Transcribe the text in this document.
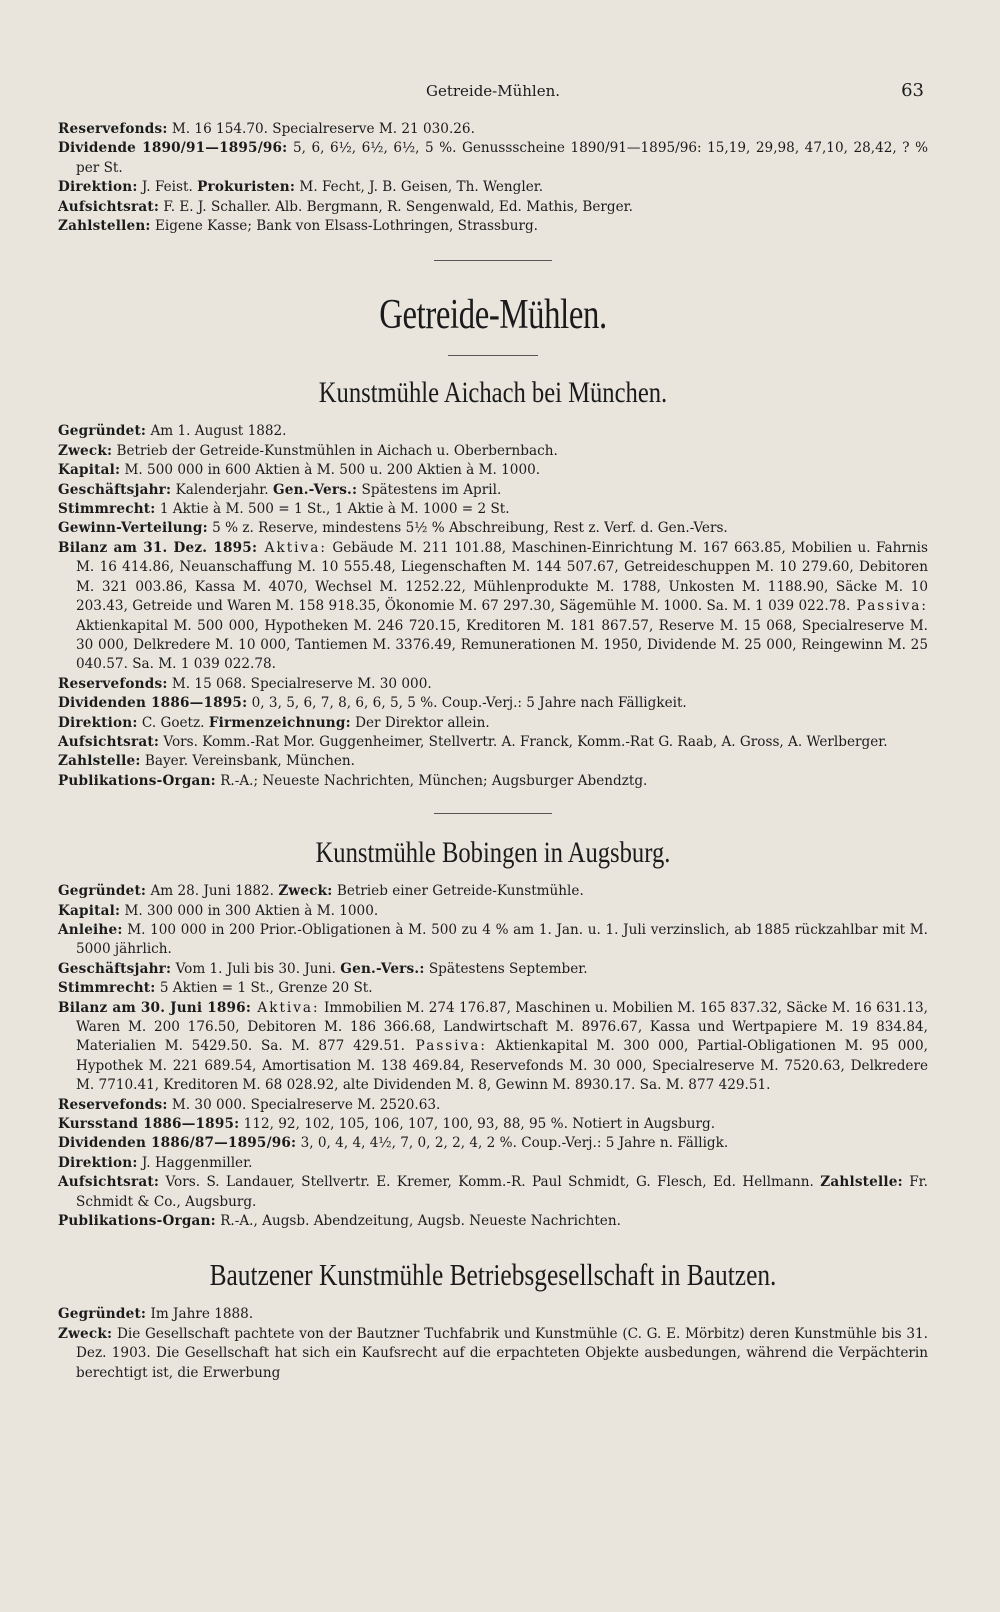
Getreide-Mühlen.	63

Reservefonds: M. 16 154.70. Specialreserve M. 21 030.26.

Dividende 1890/91—1895/96: 5, 6, 6½, 6½, 6½, 5 %. Genussscheine 1890/91—1895/96: 15,19, 29,98, 47,10, 28,42, ? % per St.

Direktion: J. Feist. Prokuristen: M. Fecht, J. B. Geisen, Th. Wengler.

Aufsichtsrat: F. E. J. Schaller. Alb. Bergmann, R. Sengenwald, Ed. Mathis, Berger.

Zahlstellen: Eigene Kasse; Bank von Elsass-Lothringen, Strassburg.

Getreide-Mühlen.
Kunstmühle Aichach bei München.

Gegründet: Am 1. August 1882.

Zweck: Betrieb der Getreide-Kunstmühlen in Aichach u. Oberbernbach.

Kapital: M. 500 000 in 600 Aktien à M. 500 u. 200 Aktien à M. 1000.

Geschäftsjahr: Kalenderjahr. Gen.-Vers.: Spätestens im April.

Stimmrecht: 1 Aktie à M. 500 = 1 St., 1 Aktie à M. 1000 = 2 St.

Gewinn-Verteilung: 5 % z. Reserve, mindestens 5½ % Abschreibung, Rest z. Verf. d. Gen.-Vers.

Bilanz am 31. Dez. 1895: Aktiva: Gebäude M. 211 101.88, Maschinen-Einrichtung M. 167 663.85, Mobilien u. Fahrnis M. 16 414.86, Neuanschaffung M. 10 555.48, Liegenschaften M. 144 507.67, Getreideschuppen M. 10 279.60, Debitoren M. 321 003.86, Kassa M. 4070, Wechsel M. 1252.22, Mühlenprodukte M. 1788, Unkosten M. 1188.90, Säcke M. 10 203.43, Getreide und Waren M. 158 918.35, Ökonomie M. 67 297.30, Sägemühle M. 1000. Sa. M. 1 039 022.78. Passiva: Aktienkapital M. 500 000, Hypotheken M. 246 720.15, Kreditoren M. 181 867.57, Reserve M. 15 068, Specialreserve M. 30 000, Delkredere M. 10 000, Tantiemen M. 3376.49, Remunerationen M. 1950, Dividende M. 25 000, Reingewinn M. 25 040.57. Sa. M. 1 039 022.78.

Reservefonds: M. 15 068. Specialreserve M. 30 000.

Dividenden 1886—1895: 0, 3, 5, 6, 7, 8, 6, 6, 5, 5 %. Coup.-Verj.: 5 Jahre nach Fälligkeit.

Direktion: C. Goetz. Firmenzeichnung: Der Direktor allein.

Aufsichtsrat: Vors. Komm.-Rat Mor. Guggenheimer, Stellvertr. A. Franck, Komm.-Rat G. Raab, A. Gross, A. Werlberger.

Zahlstelle: Bayer. Vereinsbank, München.

Publikations-Organ: R.-A.; Neueste Nachrichten, München; Augsburger Abendztg.

Kunstmühle Bobingen in Augsburg.

Gegründet: Am 28. Juni 1882. Zweck: Betrieb einer Getreide-Kunstmühle.

Kapital: M. 300 000 in 300 Aktien à M. 1000.

Anleihe: M. 100 000 in 200 Prior.-Obligationen à M. 500 zu 4 % am 1. Jan. u. 1. Juli verzinslich, ab 1885 rückzahlbar mit M. 5000 jährlich.

Geschäftsjahr: Vom 1. Juli bis 30. Juni. Gen.-Vers.: Spätestens September.

Stimmrecht: 5 Aktien = 1 St., Grenze 20 St.

Bilanz am 30. Juni 1896: Aktiva: Immobilien M. 274 176.87, Maschinen u. Mobilien M. 165 837.32, Säcke M. 16 631.13, Waren M. 200 176.50, Debitoren M. 186 366.68, Landwirtschaft M. 8976.67, Kassa und Wertpapiere M. 19 834.84, Materialien M. 5429.50. Sa. M. 877 429.51. Passiva: Aktienkapital M. 300 000, Partial-Obligationen M. 95 000, Hypothek M. 221 689.54, Amortisation M. 138 469.84, Reservefonds M. 30 000, Specialreserve M. 7520.63, Delkredere M. 7710.41, Kreditoren M. 68 028.92, alte Dividenden M. 8, Gewinn M. 8930.17. Sa. M. 877 429.51.

Reservefonds: M. 30 000. Specialreserve M. 2520.63.

Kursstand 1886—1895: 112, 92, 102, 105, 106, 107, 100, 93, 88, 95 %. Notiert in Augsburg.

Dividenden 1886/87—1895/96: 3, 0, 4, 4, 4½, 7, 0, 2, 2, 4, 2 %. Coup.-Verj.: 5 Jahre n. Fälligk.

Direktion: J. Haggenmiller.

Aufsichtsrat: Vors. S. Landauer, Stellvertr. E. Kremer, Komm.-R. Paul Schmidt, G. Flesch, Ed. Hellmann. Zahlstelle: Fr. Schmidt & Co., Augsburg.

Publikations-Organ: R.-A., Augsb. Abendzeitung, Augsb. Neueste Nachrichten.

Bautzener Kunstmühle Betriebsgesellschaft in Bautzen.

Gegründet: Im Jahre 1888.

Zweck: Die Gesellschaft pachtete von der Bautzner Tuchfabrik und Kunstmühle (C. G. E. Mörbitz) deren Kunstmühle bis 31. Dez. 1903. Die Gesellschaft hat sich ein Kaufsrecht auf die erpachteten Objekte ausbedungen, während die Verpächterin berechtigt ist, die Erwerbung
